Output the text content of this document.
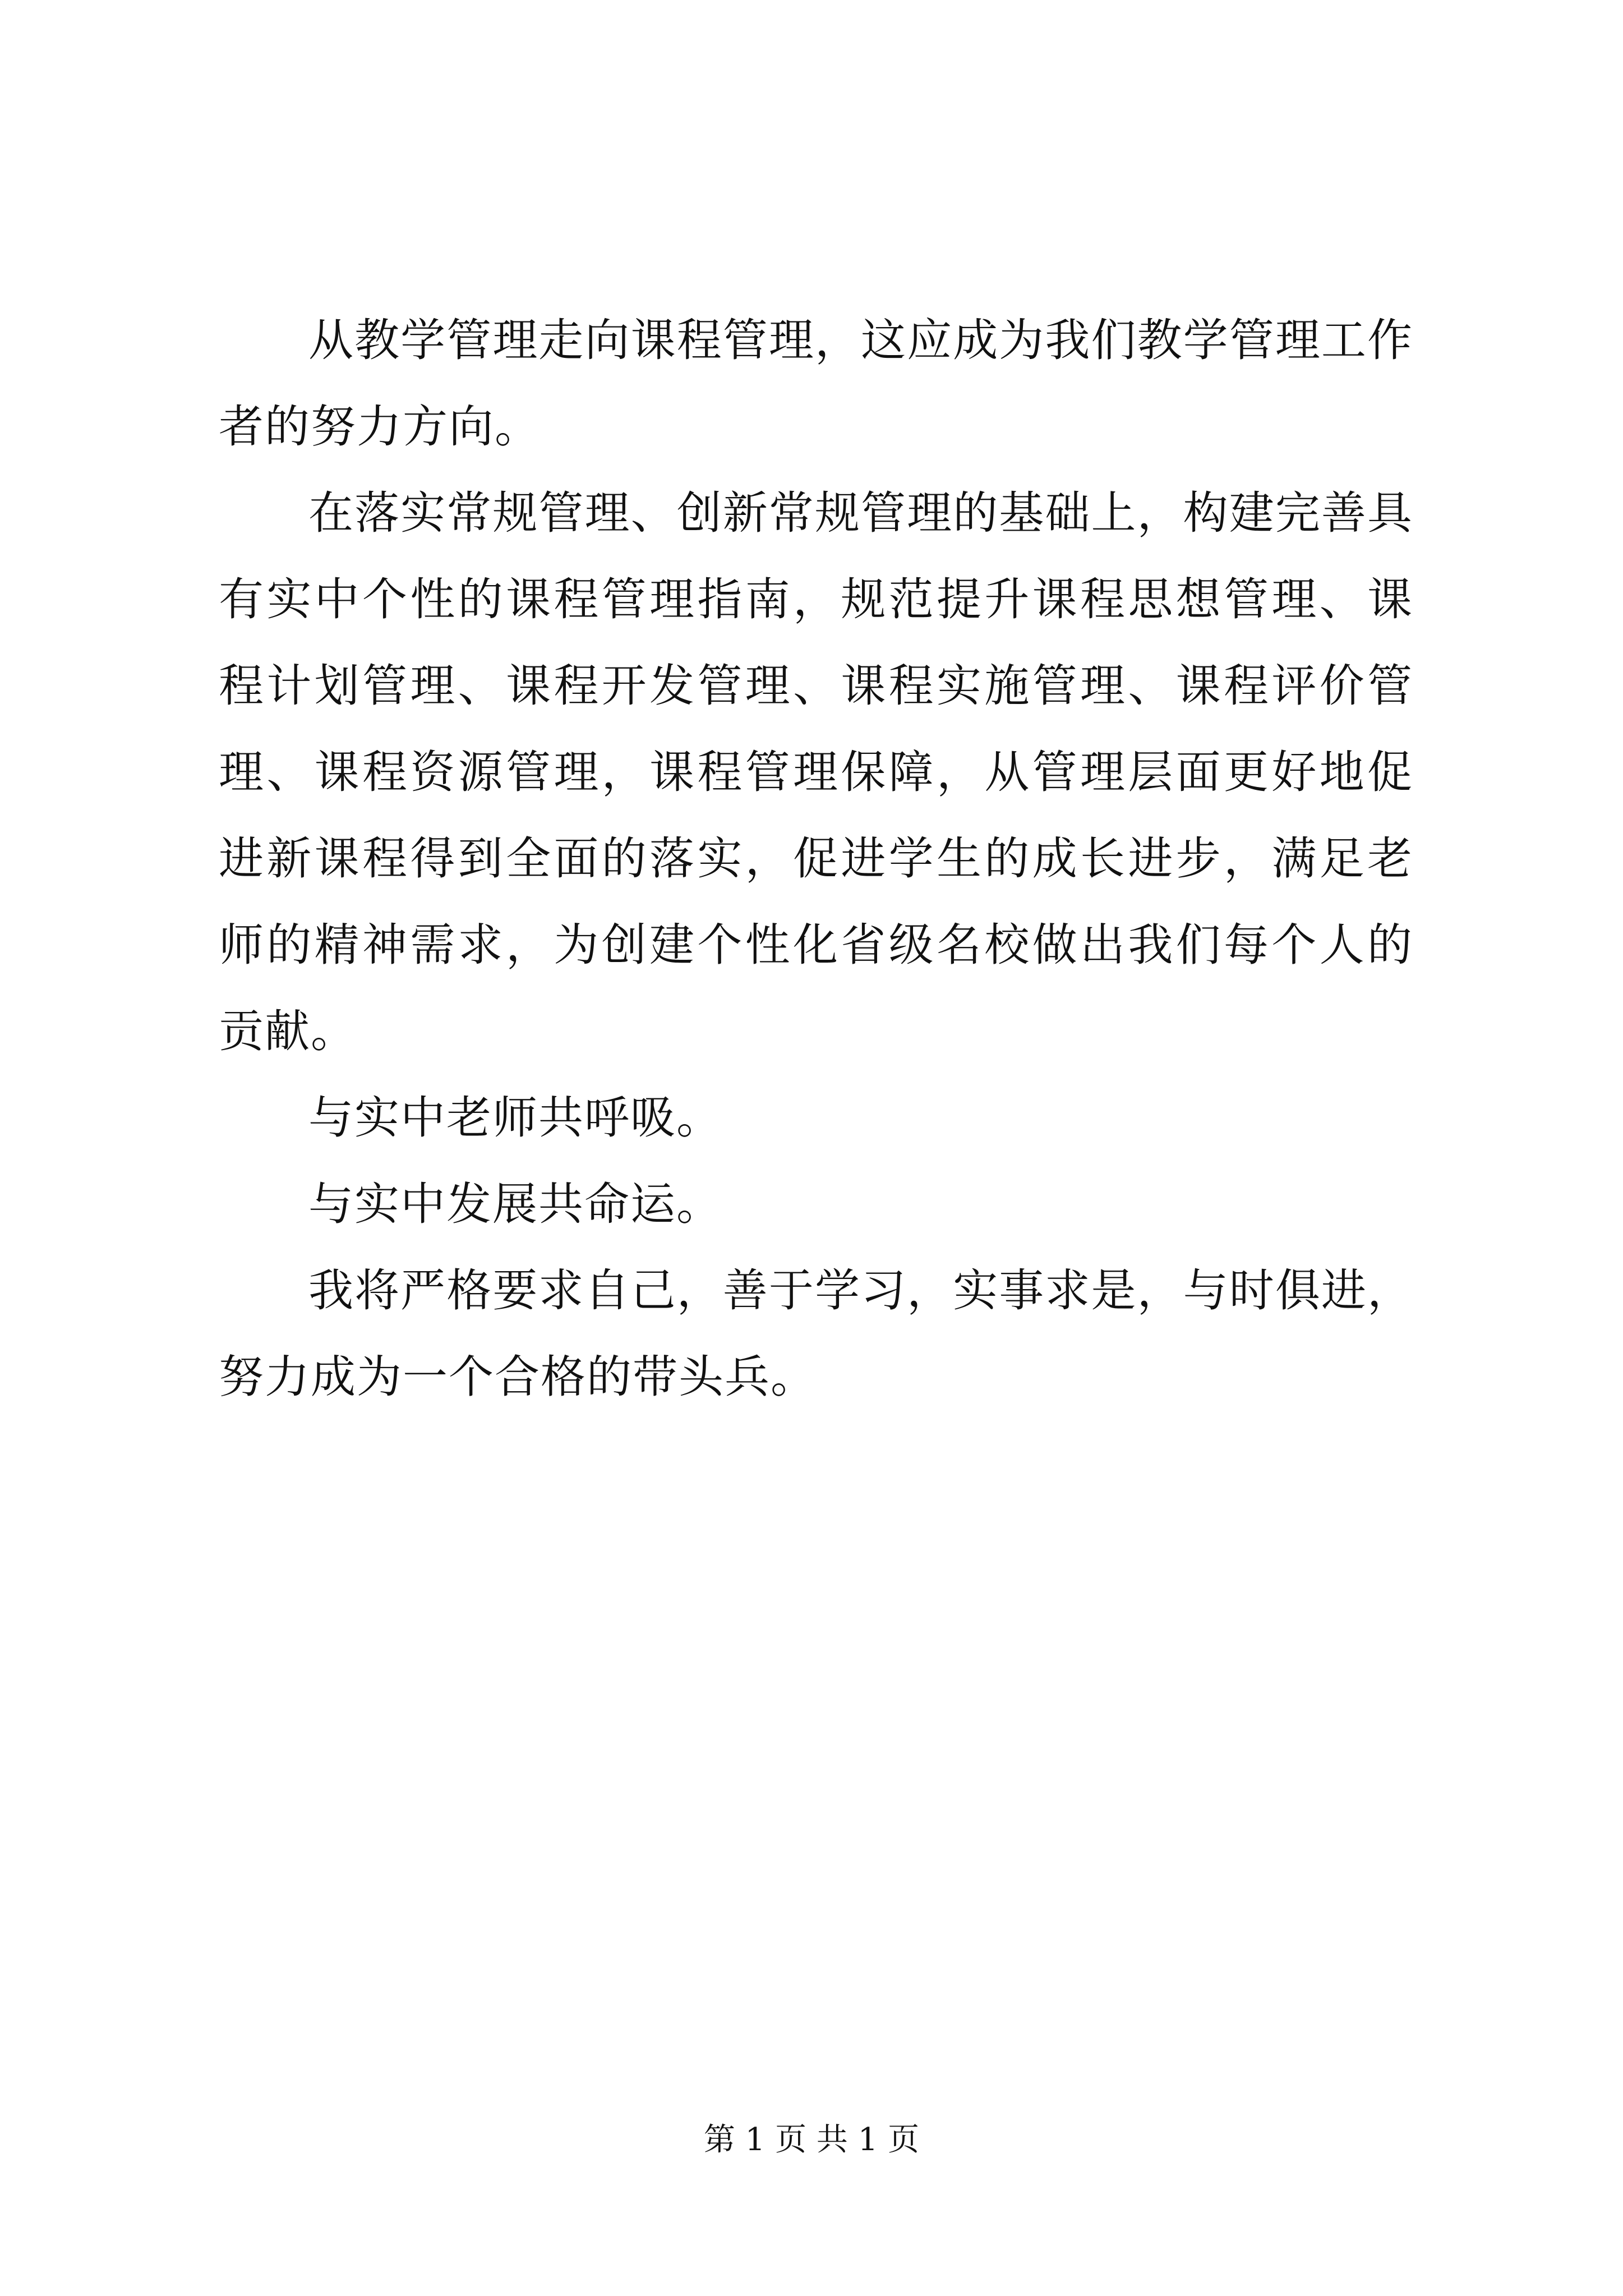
从教学管理走向课程管理，这应成为我们教学管理工作者的努力方向。

在落实常规管理、创新常规管理的基础上，构建完善具有实中个性的课程管理指南，规范提升课程思想管理、课程计划管理、课程开发管理、课程实施管理、课程评价管理、课程资源管理，课程管理保障，从管理层面更好地促进新课程得到全面的落实，促进学生的成长进步，满足老师的精神需求，为创建个性化省级名校做出我们每个人的贡献。

与实中老师共呼吸。

与实中发展共命运。

我将严格要求自己，善于学习，实事求是，与时俱进，努力成为一个合格的带头兵。

第 1 页 共 1 页
